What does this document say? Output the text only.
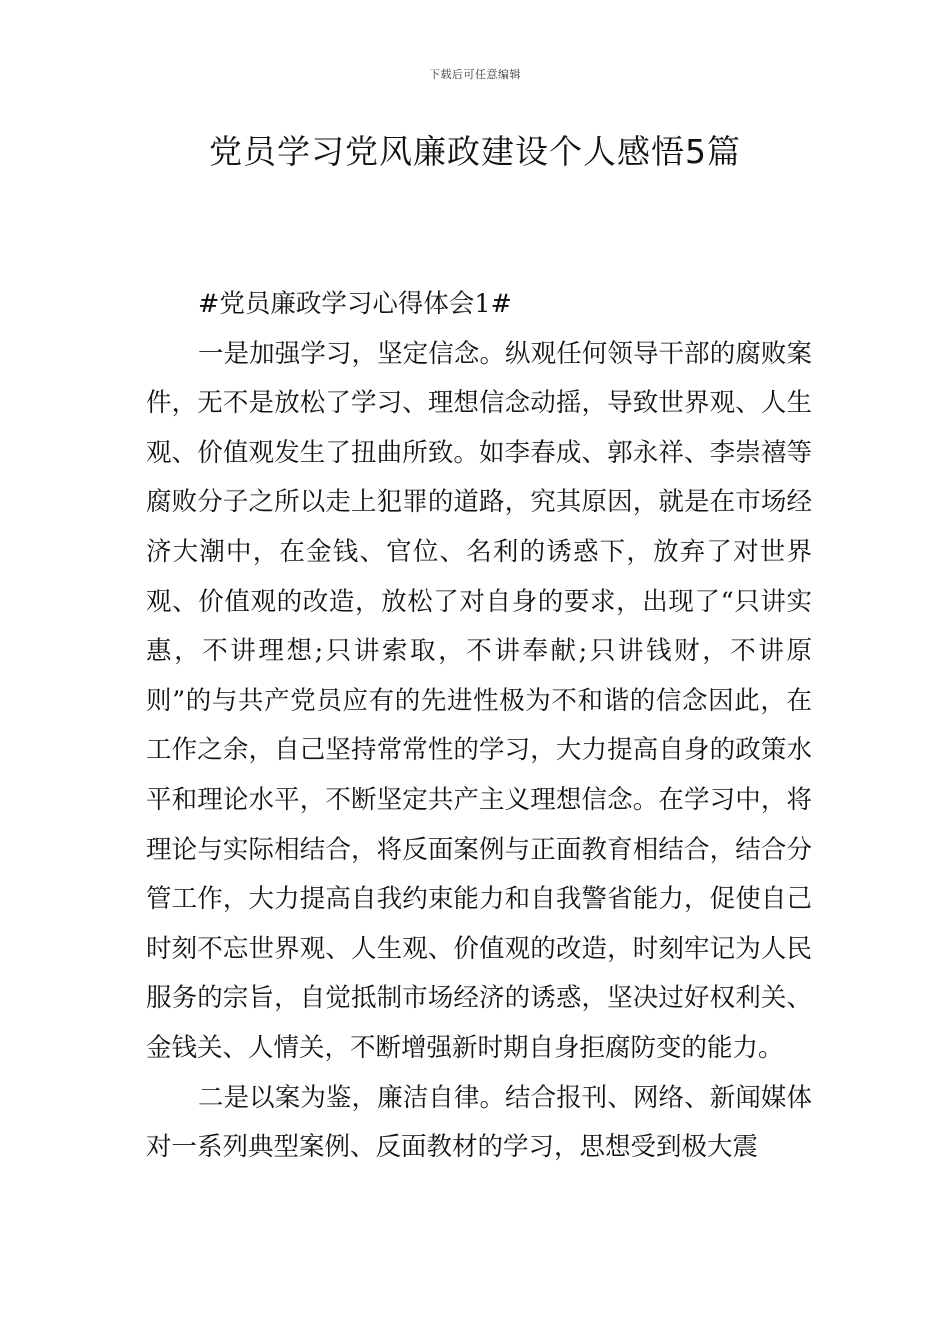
下载后可任意编辑
党员学习党风廉政建设个人感悟5篇

#党员廉政学习心得体会1#

一是加强学习，坚定信念。纵观任何领导干部的腐败案件，无不是放松了学习、理想信念动摇，导致世界观、人生观、价值观发生了扭曲所致。如李春成、郭永祥、李崇禧等腐败分子之所以走上犯罪的道路，究其原因，就是在市场经济大潮中，在金钱、官位、名利的诱惑下，放弃了对世界观、价值观的改造，放松了对自身的要求，出现了“只讲实惠，不讲理想;只讲索取，不讲奉献;只讲钱财，不讲原则”的与共产党员应有的先进性极为不和谐的信念因此，在工作之余，自己坚持常常性的学习，大力提高自身的政策水平和理论水平，不断坚定共产主义理想信念。在学习中，将理论与实际相结合，将反面案例与正面教育相结合，结合分管工作，大力提高自我约束能力和自我警省能力，促使自己时刻不忘世界观、人生观、价值观的改造，时刻牢记为人民服务的宗旨，自觉抵制市场经济的诱惑，坚决过好权利关、金钱关、人情关，不断增强新时期自身拒腐防变的能力。

二是以案为鉴，廉洁自律。结合报刊、网络、新闻媒体对一系列典型案例、反面教材的学习，思想受到极大震
